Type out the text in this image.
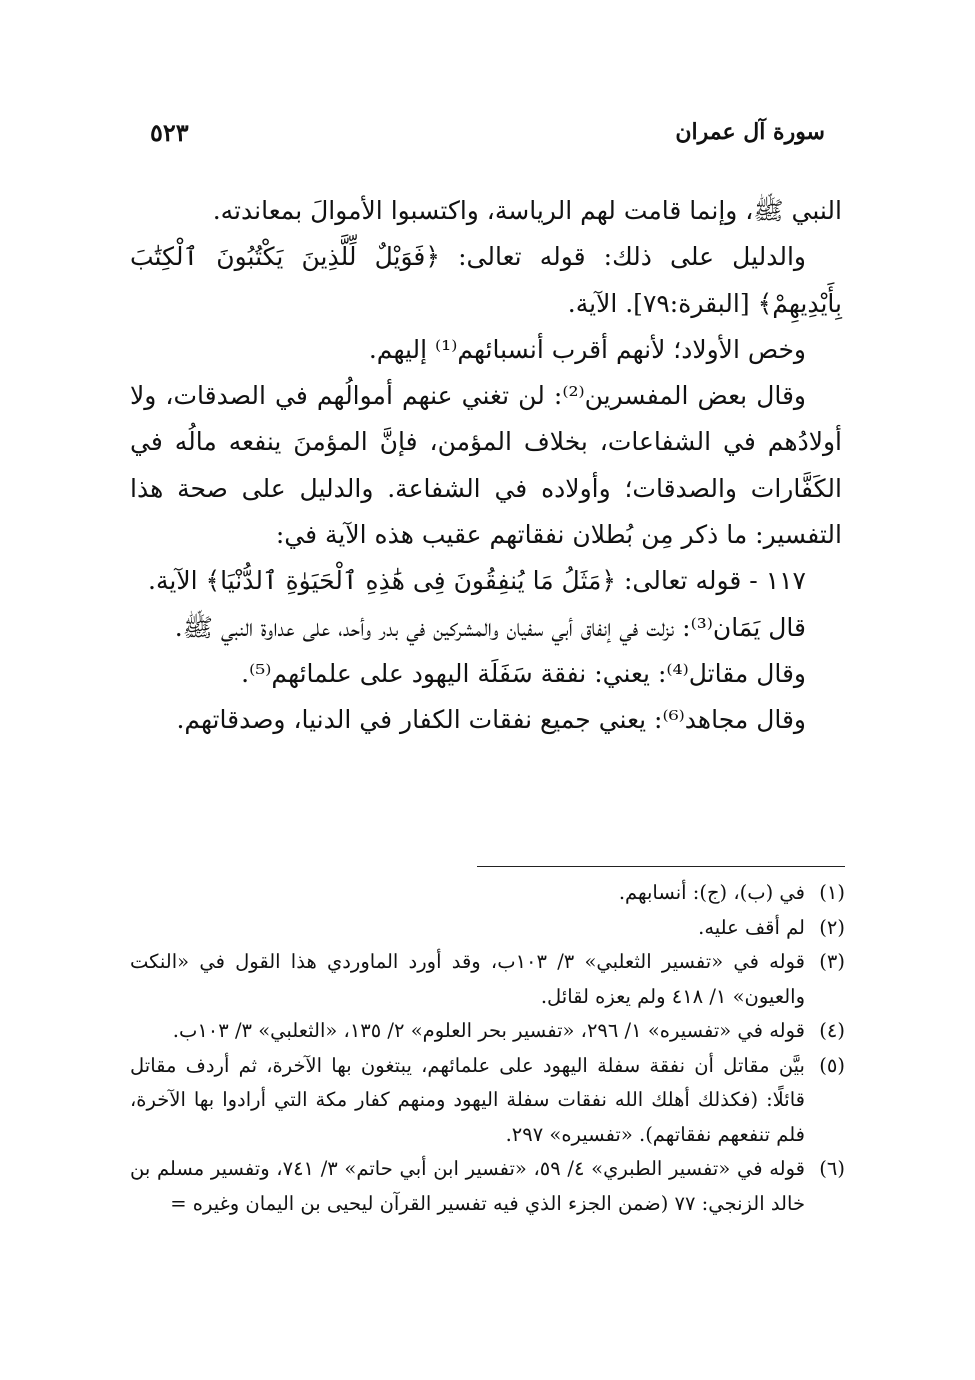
سورة آل عمران
٥٢٣

النبي ﷺ، وإنما قامت لهم الرياسة، واكتسبوا الأموالَ بمعاندته.

والدليل على ذلك: قوله تعالى: ﴿فَوَيْلٌ لِّلَّذِينَ يَكْتُبُونَ ٱلْكِتَٰبَ بِأَيْدِيهِمْ﴾ [البقرة:٧٩]. الآية.

وخص الأولاد؛ لأنهم أقرب أنسبائهم⁽¹⁾ إليهم.

وقال بعض المفسرين⁽²⁾: لن تغني عنهم أموالُهم في الصدقات، ولا أولادُهم في الشفاعات، بخلاف المؤمن، فإنَّ المؤمنَ ينفعه مالُه في الكَفَّارات والصدقات؛ وأولاده في الشفاعة. والدليل على صحة هذا التفسير: ما ذكر مِن بُطلان نفقاتهم عقيب هذه الآية في:

١١٧ - قوله تعالى: ﴿مَثَلُ مَا يُنفِقُونَ فِى هَٰذِهِ ٱلْحَيَوٰةِ ٱلدُّنْيَا﴾ الآية.

قال يَمَان⁽³⁾: نزلت في إنفاق أبي سفيان والمشركين في بدر وأحد، على عداوة النبي ﷺ.

وقال مقاتل⁽⁴⁾: يعني: نفقة سَفَلَة اليهود على علمائهم⁽⁵⁾.

وقال مجاهد⁽⁶⁾: يعني جميع نفقات الكفار في الدنيا، وصدقاتهم.

(١)
في (ب)، (ج): أنسابهم.
(٢)
لم أقف عليه.
(٣)
قوله في «تفسير الثعلبي» ٣/ ١٠٣ب، وقد أورد الماوردي هذا القول في «النكت والعيون» ١/ ٤١٨ ولم يعزه لقائل.
(٤)
قوله في «تفسيره» ١/ ٢٩٦، «تفسير بحر العلوم» ٢/ ١٣٥، «الثعلبي» ٣/ ١٠٣ب.
(٥)
بيَّن مقاتل أن نفقة سفلة اليهود على علمائهم، يبتغون بها الآخرة، ثم أردف مقاتل قائلًا: (فكذلك أهلك الله نفقات سفلة اليهود ومنهم كفار مكة التي أرادوا بها الآخرة، فلم تنفعهم نفقاتهم). «تفسيره» ٢٩٧.
(٦)
قوله في «تفسير الطبري» ٤/ ٥٩، «تفسير ابن أبي حاتم» ٣/ ٧٤١، وتفسير مسلم بن خالد الزنجي: ٧٧ (ضمن الجزء الذي فيه تفسير القرآن ليحيى بن اليمان وغيره =
